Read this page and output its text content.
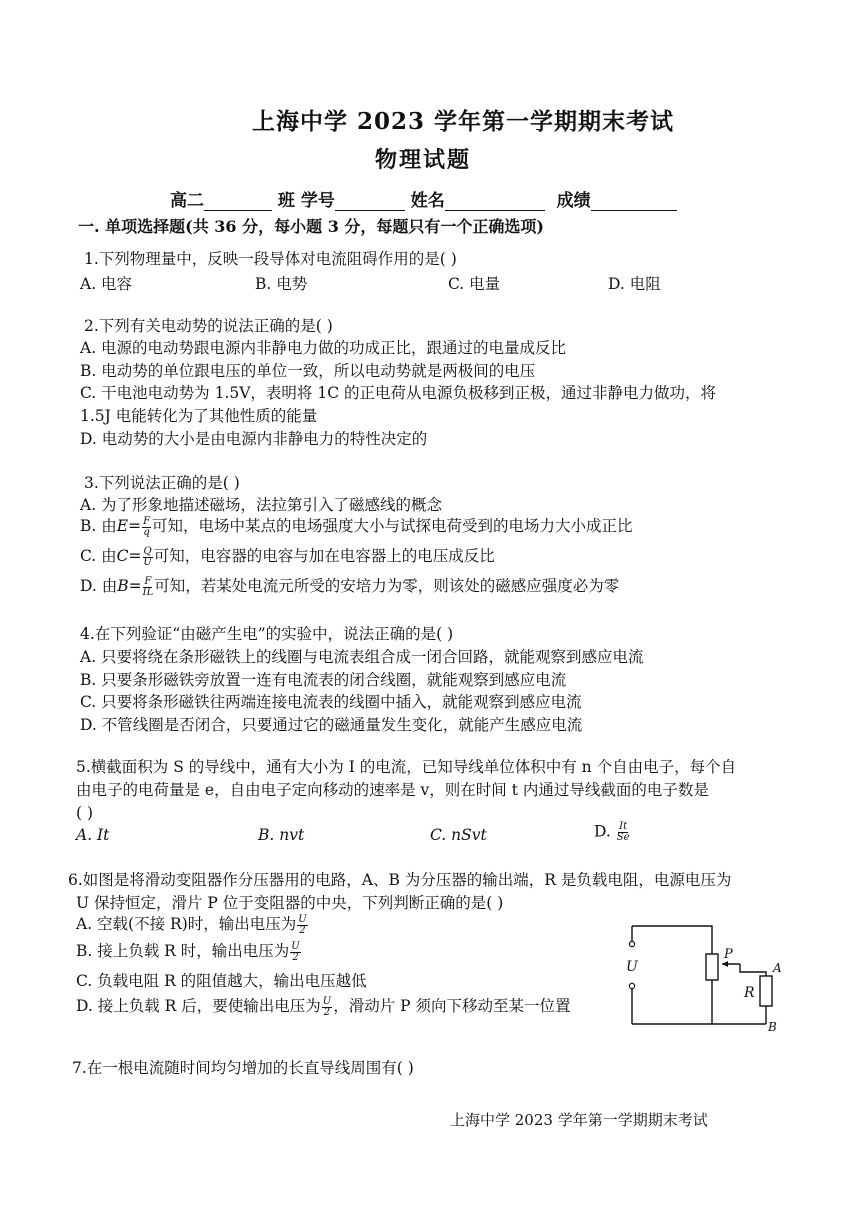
上海中学 2023 学年第一学期期末考试
物理试题
高二	班 学号	姓名	成绩
一. 单项选择题(共 36 分，每小题 3 分，每题只有一个正确选项)
1.下列物理量中，反映一段导体对电流阻碍作用的是( )
A. 电容	B. 电势	C. 电量	D. 电阻
2.下列有关电动势的说法正确的是( )
A. 电源的电动势跟电源内非静电力做的功成正比，跟通过的电量成反比
B. 电动势的单位跟电压的单位一致，所以电动势就是两极间的电压
C. 干电池电动势为 1.5V，表明将 1C 的正电荷从电源负极移到正极，通过非静电力做功，将
1.5J 电能转化为了其他性质的能量
D. 电动势的大小是由电源内非静电力的特性决定的
3.下列说法正确的是( )
A. 为了形象地描述磁场，法拉第引入了磁感线的概念
B. 由$E= \frac{F}{q}$ 可知，电场中某点的电场强度大小与试探电荷受到的电场力大小成正比
C. 由$C= \frac{Q}{U}$ 可知，电容器的电容与加在电容器上的电压成反比
D. 由$B= \frac{F}{IL}$ 可知，若某处电流元所受的安培力为零，则该处的磁感应强度必为零
4.在下列验证“由磁产生电”的实验中，说法正确的是( )
A. 只要将绕在条形磁铁上的线圈与电流表组合成一闭合回路，就能观察到感应电流
B. 只要条形磁铁旁放置一连有电流表的闭合线圈，就能观察到感应电流
C. 只要将条形磁铁往两端连接电流表的线圈中插入，就能观察到感应电流
D. 不管线圈是否闭合，只要通过它的磁通量发生变化，就能产生感应电流
5.横截面积为 S 的导线中，通有大小为 I 的电流，已知导线单位体积中有 n 个自由电子，每个自
由电子的电荷量是 e，自由电子定向移动的速率是 v，则在时间 t 内通过导线截面的电子数是
( )
A. It	B. nvt	C. nSvt	D. $\frac{It}{Se}$
6.如图是将滑动变阻器作分压器用的电路，A、B 为分压器的输出端，R 是负载电阻，电源电压为
U 保持恒定，滑片 P 位于变阻器的中央，下列判断正确的是( )
A. 空载(不接 R)时，输出电压为 $\frac{U}{2}$
B. 接上负载 R 时，输出电压为 $\frac{U}{2}$
C. 负载电阻 R 的阻值越大，输出电压越低
D. 接上负载 R 后，要使输出电压为 $\frac{U}{2}$ ，滑动片 P 须向下移动至某一位置
U
P
R
A
B
7.在一根电流随时间均匀增加的长直导线周围有( )
上海中学 2023 学年第一学期期末考试
